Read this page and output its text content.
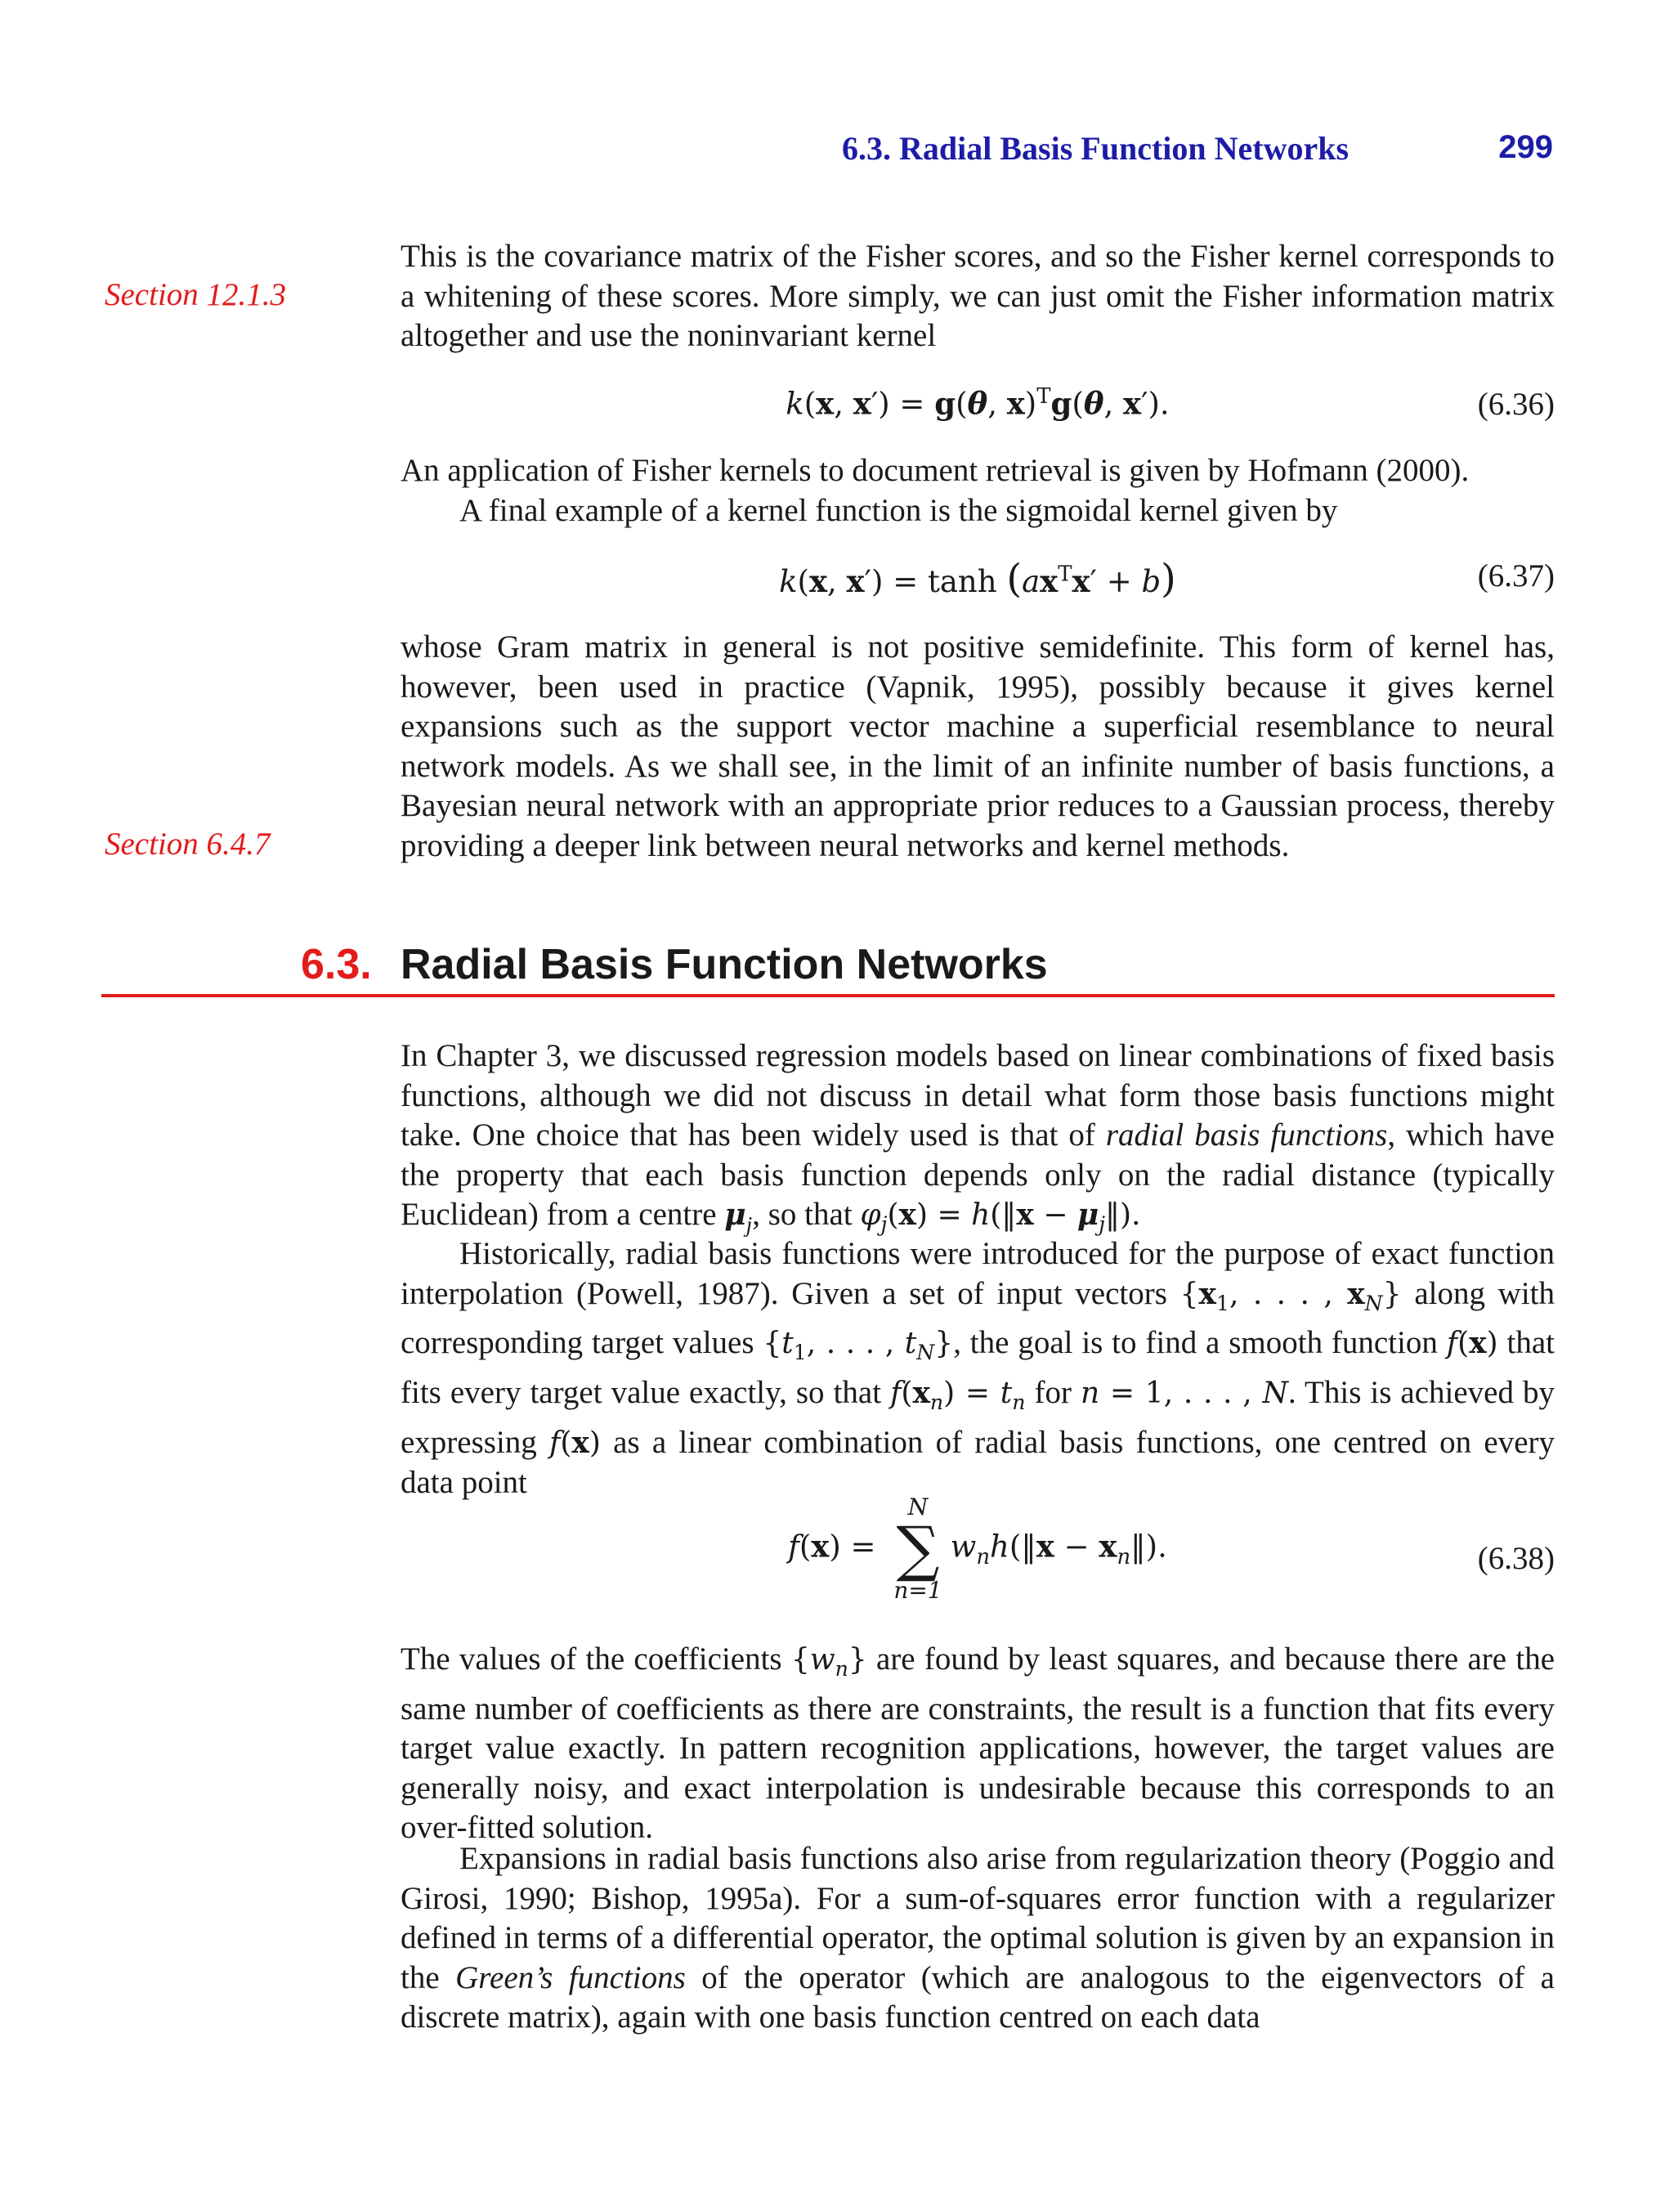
6.3. Radial Basis Function Networks	299
Section 12.1.3
Section 6.4.7

This is the covariance matrix of the Fisher scores, and so the Fisher kernel corresponds to a whitening of these scores. More simply, we can just omit the Fisher information matrix altogether and use the noninvariant kernel

k(x, x′) = g(θ, x)$^T$g(θ, x′).	(6.36)

An application of Fisher kernels to document retrieval is given by Hofmann (2000).

A final example of a kernel function is the sigmoidal kernel given by

k(x, $x') = \tanh (ax^Tx' + b)$	(6.37)

whose Gram matrix in general is not positive semidefinite. This form of kernel has, however, been used in practice (Vapnik, 1995), possibly because it gives kernel expansions such as the support vector machine a superficial resemblance to neural network models. As we shall see, in the limit of an infinite number of basis functions, a Bayesian neural network with an appropriate prior reduces to a Gaussian process, thereby providing a deeper link between neural networks and kernel methods.

6.3. Radial Basis Function Networks

In Chapter 3, we discussed regression models based on linear combinations of fixed basis functions, although we did not discuss in detail what form those basis functions might take. One choice that has been widely used is that of radial basis functions, which have the property that each basis function depends only on the radial distance (typically Euclidean) from a centre $\mu_j$, so that $\varphi_j(x)$ = h(‖x − $\mu_j‖$).

Historically, radial basis functions were introduced for the purpose of exact function interpolation (Powell, 1987). Given a set of input vectors {$x_1$, . . . , $x_N$} along with corresponding target values {$t_1$, . . . , $t_N$}, the goal is to find a smooth function f(x) that fits every target value exactly, so that $f(x_n) = t_n$ for n = 1, . . . , N. This is achieved by expressing f(x) as a linear combination of radial basis functions, one centred on every data point

f(x) =
N
∑
n=1
$w_nh(‖x$ − $x_n‖$).	(6.38)

The values of the coefficients $\{w_n\}$ are found by least squares, and because there are the same number of coefficients as there are constraints, the result is a function that fits every target value exactly. In pattern recognition applications, however, the target values are generally noisy, and exact interpolation is undesirable because this corresponds to an over-fitted solution.

Expansions in radial basis functions also arise from regularization theory (Poggio and Girosi, 1990; Bishop, 1995a). For a sum-of-squares error function with a regularizer defined in terms of a differential operator, the optimal solution is given by an expansion in the Green’s functions of the operator (which are analogous to the eigenvectors of a discrete matrix), again with one basis function centred on each data
